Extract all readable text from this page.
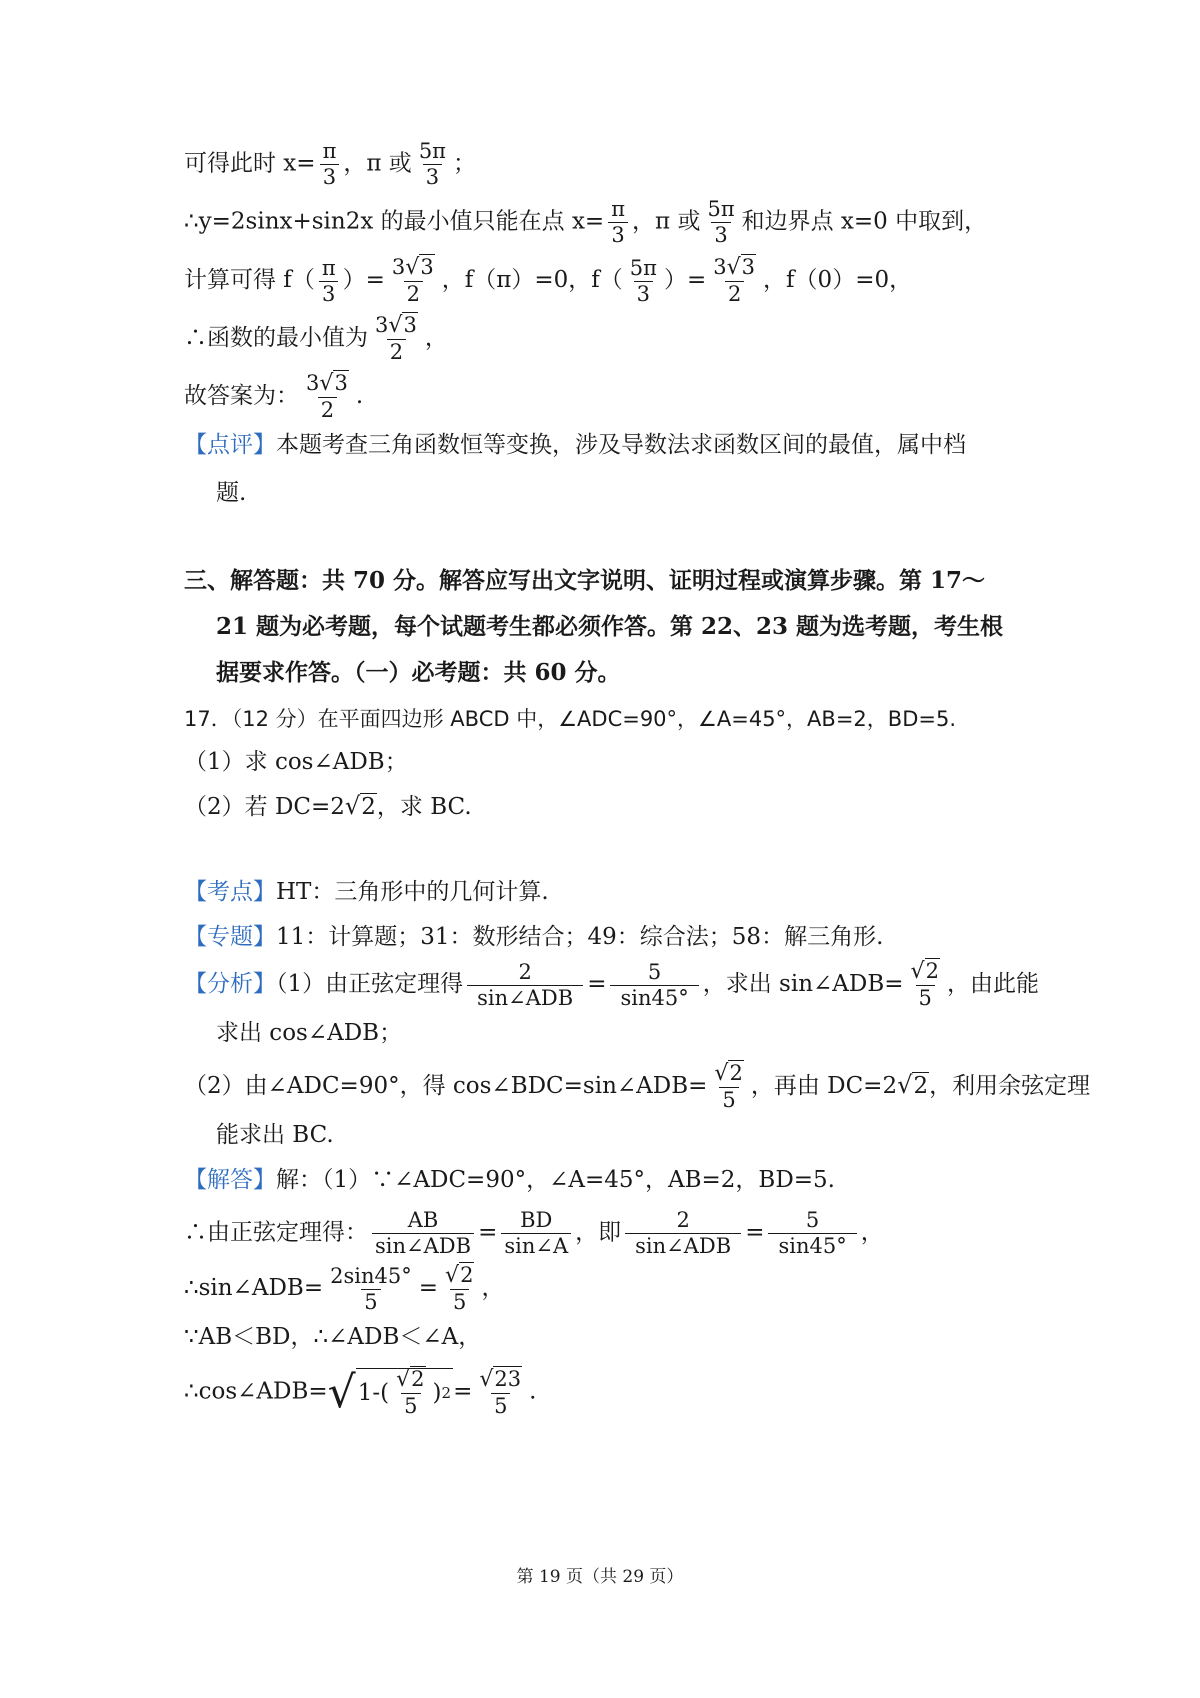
可得此时 $x= \frac{\pi}{3}$ ，π 或 $\frac{5\pi}{3}$ ；
∴y=2sinx+sin2x 的最小值只能在点 $x= \frac{\pi}{3}$ ，π 或 $\frac{5\pi}{3}$ 和边界点 x=0 中取到，
计算可得 $f( \frac{\pi}{3}$ ）= $\frac{3√3}{2}$ ，f（π）=0，$f( \frac{5\pi}{3}$ ）= $\frac{3√3}{2}$ ，f（0）=0，
∴函数的最小值为 $\frac{3√3}{2}$ ，
故答案为： $\frac{3√3}{2}$ .
【点评】本题考查三角函数恒等变换，涉及导数法求函数区间的最值，属中档
题.
三、解答题：共 70 分。解答应写出文字说明、证明过程或演算步骤。第 17～
21 题为必考题，每个试题考生都必须作答。第 22、23 题为选考题，考生根
据要求作答。（一）必考题：共 60 分。
17．（12 分）在平面四边形 ABCD 中，∠ADC=90°，∠A=45°，AB=2，BD=5.
（1）求 cos∠ADB；
（2）若 DC=2√2，求 BC.
【考点】HT：三角形中的几何计算.
【专题】11：计算题；31：数形结合；49：综合法；58：解三角形.
【分析】（1）由正弦定理得 $\frac{2}{\text{sin∠ADB}} = \frac{5}{\sin 45^\circ}$ ，求出 sin∠ADB= $\frac{√2}{5}$ ，由此能
求出 cos∠ADB；
（2）由∠ADC=90°，得 cos∠BDC=sin∠ADB= $\frac{√2}{5}$ ，再由 DC=2√2，利用余弦定理
能求出 BC.
【解答】解：（1）∵∠ADC=90°，∠A=45°，AB=2，BD=5.
∴由正弦定理得： $\frac{AB}{\text{sin∠ADB}} = \frac{BD}{\sin\angle A}$ ，即 $\frac{2}{\text{sin∠ADB}} = \frac{5}{\sin 45^\circ}$ ，
∴sin∠ADB= $\frac{2\sin 45^\circ}{5} = \frac{√2}{5}$ ，
∵AB＜BD，∴∠ADB＜∠A，
∴cos∠ADB= √ $1-( \frac{√2}{5}$ ) $2 = \frac{√23}{5}$ .
第 19 页（共 29 页）
